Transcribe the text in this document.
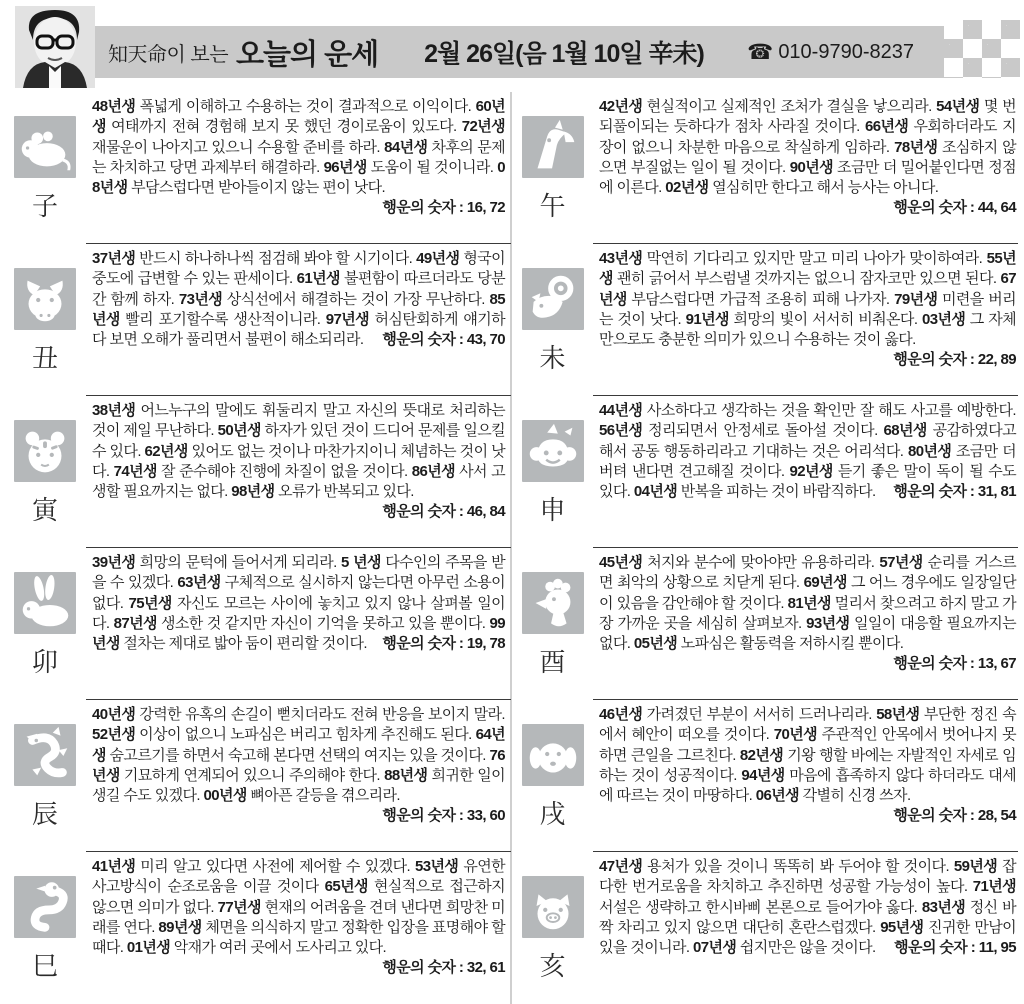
知天命이 보는 오늘의 운세 2월 26일(음 1월 10일 辛未) ☎ 010-9790-8237
子
48년생 폭넓게 이해하고 수용하는 것이 결과적으로 이익이다. 60년생 여태까지 전혀 경험해 보지 못 했던 경이로움이 있도다. 72년생 재물운이 나아지고 있으니 수용할 준비를 하라. 84년생 차후의 문제는 차치하고 당면 과제부터 해결하라. 96년생 도움이 될 것이니라. 08년생 부담스럽다면 받아들이지 않는 편이 낫다.
행운의 숫자 : 16, 72
丑
37년생 반드시 하나하나씩 점검해 봐야 할 시기이다. 49년생 형국이 중도에 급변할 수 있는 판세이다. 61년생 불편함이 따르더라도 당분간 함께 하자. 73년생 상식선에서 해결하는 것이 가장 무난하다. 85년생 빨리 포기할수록 생산적이니라. 97년생 허심탄회하게 얘기하다 보면 오해가 풀리면서 불편이 해소되리라. 행운의 숫자 : 43, 70
寅
38년생 어느누구의 말에도 휘둘리지 말고 자신의 뜻대로 처리하는 것이 제일 무난하다. 50년생 하자가 있던 것이 드디어 문제를 일으킬 수 있다. 62년생 있어도 없는 것이나 마찬가지이니 체념하는 것이 낫다. 74년생 잘 준수해야 진행에 차질이 없을 것이다. 86년생 사서 고생할 필요까지는 없다. 98년생 오류가 반복되고 있다.
행운의 숫자 : 46, 84
卯
39년생 희망의 문턱에 들어서게 되리라. 5 년생 다수인의 주목을 받을 수 있겠다. 63년생 구체적으로 실시하지 않는다면 아무런 소용이 없다. 75년생 자신도 모르는 사이에 놓치고 있지 않나 살펴볼 일이다. 87년생 생소한 것 같지만 자신이 기억을 못하고 있을 뿐이다. 99년생 절차는 제대로 밟아 둠이 편리할 것이다. 행운의 숫자 : 19, 78
辰
40년생 강력한 유혹의 손길이 뻗치더라도 전혀 반응을 보이지 말라. 52년생 이상이 없으니 노파심은 버리고 힘차게 추진해도 된다. 64년생 숨고르기를 하면서 숙고해 본다면 선택의 여지는 있을 것이다. 76년생 기묘하게 연계되어 있으니 주의해야 한다. 88년생 희귀한 일이 생길 수도 있겠다. 00년생 뼈아픈 갈등을 겪으리라.
행운의 숫자 : 33, 60
巳
41년생 미리 알고 있다면 사전에 제어할 수 있겠다. 53년생 유연한 사고방식이 순조로움을 이끌 것이다 65년생 현실적으로 접근하지 않으면 의미가 없다. 77년생 현재의 어려움을 견뎌 낸다면 희망찬 미래를 연다. 89년생 체면을 의식하지 말고 정확한 입장을 표명해야 할 때다. 01년생 악재가 여러 곳에서 도사리고 있다.
행운의 숫자 : 32, 61
午
42년생 현실적이고 실제적인 조처가 결실을 낳으리라. 54년생 몇 번 되풀이되는 듯하다가 점차 사라질 것이다. 66년생 우회하더라도 지장이 없으니 차분한 마음으로 착실하게 임하라. 78년생 조심하지 않으면 부질없는 일이 될 것이다. 90년생 조금만 더 밀어붙인다면 정점에 이른다. 02년생 열심히만 한다고 해서 능사는 아니다.
행운의 숫자 : 44, 64
未
43년생 막연히 기다리고 있지만 말고 미리 나아가 맞이하여라. 55년생 괜히 긁어서 부스럼낼 것까지는 없으니 잠자코만 있으면 된다. 67년생 부담스럽다면 가급적 조용히 피해 나가자. 79년생 미련을 버리는 것이 낫다. 91년생 희망의 빛이 서서히 비춰온다. 03년생 그 자체만으로도 충분한 의미가 있으니 수용하는 것이 옳다.
행운의 숫자 : 22, 89
申
44년생 사소하다고 생각하는 것을 확인만 잘 해도 사고를 예방한다. 56년생 정리되면서 안정세로 돌아설 것이다. 68년생 공감하였다고 해서 공동 행동하리라고 기대하는 것은 어리석다. 80년생 조금만 더 버텨 낸다면 견고해질 것이다. 92년생 듣기 좋은 말이 독이 될 수도 있다. 04년생 반복을 피하는 것이 바람직하다. 행운의 숫자 : 31, 81
酉
45년생 처지와 분수에 맞아야만 유용하리라. 57년생 순리를 거스르면 최악의 상황으로 치닫게 된다. 69년생 그 어느 경우에도 일장일단이 있음을 감안해야 할 것이다. 81년생 멀리서 찾으려고 하지 말고 가장 가까운 곳을 세심히 살펴보자. 93년생 일일이 대응할 필요까지는 없다. 05년생 노파심은 활동력을 저하시킬 뿐이다.
행운의 숫자 : 13, 67
戌
46년생 가려졌던 부분이 서서히 드러나리라. 58년생 부단한 정진 속에서 혜안이 떠오를 것이다. 70년생 주관적인 안목에서 벗어나지 못하면 큰일을 그르친다. 82년생 기왕 행할 바에는 자발적인 자세로 임하는 것이 성공적이다. 94년생 마음에 흡족하지 않다 하더라도 대세에 따르는 것이 마땅하다. 06년생 각별히 신경 쓰자.
행운의 숫자 : 28, 54
亥
47년생 용처가 있을 것이니 똑똑히 봐 두어야 할 것이다. 59년생 잡다한 번거로움을 차치하고 추진하면 성공할 가능성이 높다. 71년생 서설은 생략하고 한시바삐 본론으로 들어가야 옳다. 83년생 정신 바짝 차리고 있지 않으면 대단히 혼란스럽겠다. 95년생 진귀한 만남이 있을 것이니라. 07년생 쉽지만은 않을 것이다. 행운의 숫자 : 11, 95
